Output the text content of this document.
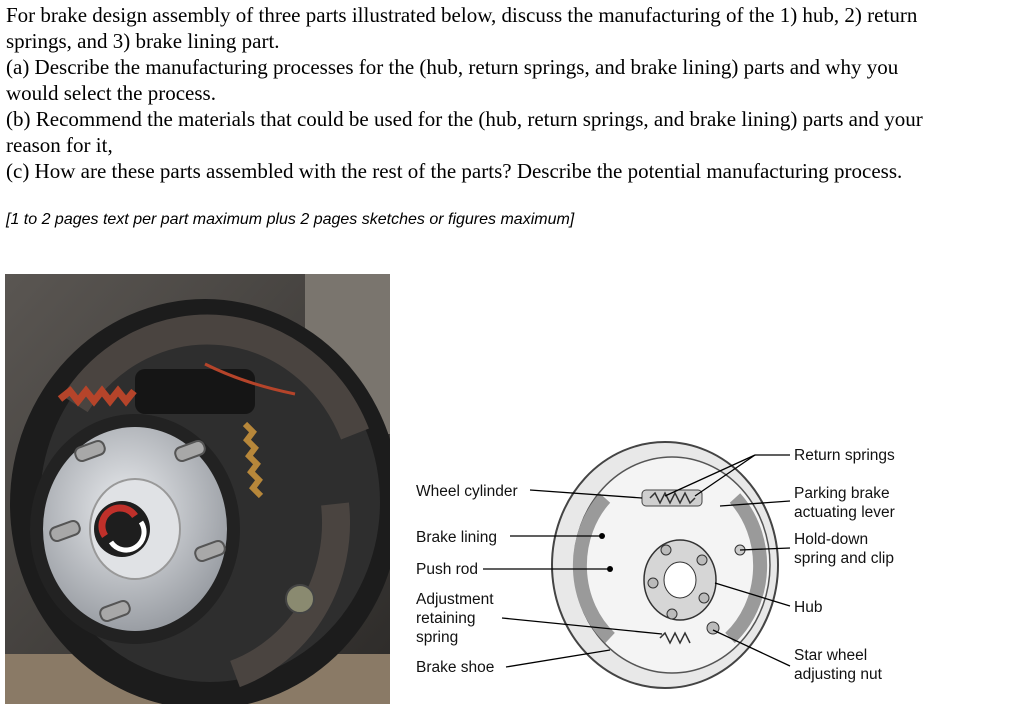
For brake design assembly of three parts illustrated below, discuss the manufacturing of the 1) hub, 2) return

springs, and 3) brake lining part.

(a) Describe the manufacturing processes for the (hub, return springs, and brake lining) parts and why you

would select the process.

(b) Recommend the materials that could be used for the (hub, return springs, and brake lining) parts and your

reason for it,

(c) How are these parts assembled with the rest of the parts? Describe the potential manufacturing process.

[1 to 2 pages text per part maximum plus 2 pages sketches or figures maximum]
Wheel cylinder
Brake lining
Push rod
Adjustment
retaining
spring
Brake shoe
Return springs
Parking brake
actuating lever
Hold-down
spring and clip
Hub
Star wheel
adjusting nut
